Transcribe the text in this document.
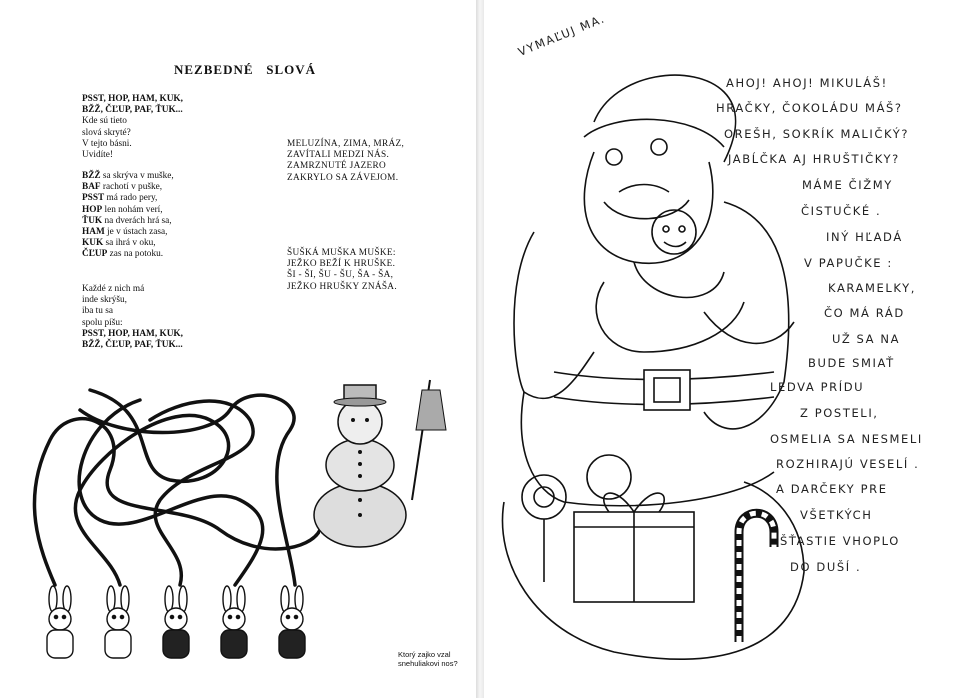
NEZBEDNÉ   SLOVÁ
PSST, HOP, HAM, KUK,
BŽŽ, ČĽUP, PAF, ŤUK...
Kde sú tieto
slová skryté?
V tejto básni.
Uvidíte!
BŽŽ sa skrýva v muške,
BAF rachotí v puške,
PSST má rado pery,
HOP len nohám verí,
ŤUK na dverách hrá sa,
HAM je v ústach zasa,
KUK sa ihrá v oku,
ČĽUP zas na potoku.
Každé z nich má
inde skrýšu,
iba tu sa
spolu píšu:
PSST, HOP, HAM, KUK,
BŽŽ, ČĽUP, PAF, ŤUK...
MELUZÍNA, ZIMA, MRÁZ,
ZAVÍTALI MEDZI NÁS.
ZAMRZNUTÉ JAZERO
ZAKRYLO SA ZÁVEJOM.
ŠUŠKÁ MUŠKA MUŠKE:
JEŽKO BEŽÍ K HRUŠKE.
ŠI - ŠI, ŠU - ŠU, ŠA - ŠA,
JEŽKO HRUŠKY ZNÁŠA.
Ktorý zajko vzal
snehuliakovi nos?
VYMAĽUJ MA.
AHOJ! AHOJ! MIKULÁŠ!
HRAČKY, ČOKOLÁDU MÁŠ?
OREŠH, SOKRÍK MALIČKÝ?
JABĹČKA AJ HRUŠTIČKY?
MÁME ČIŽMY
ČISTUČKÉ .
INÝ HĽADÁ
V PAPUČKE :
KARAMELKY,
ČO MÁ RÁD
UŽ SA NA
BUDE SMIAŤ
LEDVA PRÍDU
Z POSTELI,
OSMELIA SA NESMELI
ROZHIRAJÚ VESELÍ .
A DARČEKY PRE
VŠETKÝCH
ŠŤASTIE VHOPLO
DO DUŠÍ .
